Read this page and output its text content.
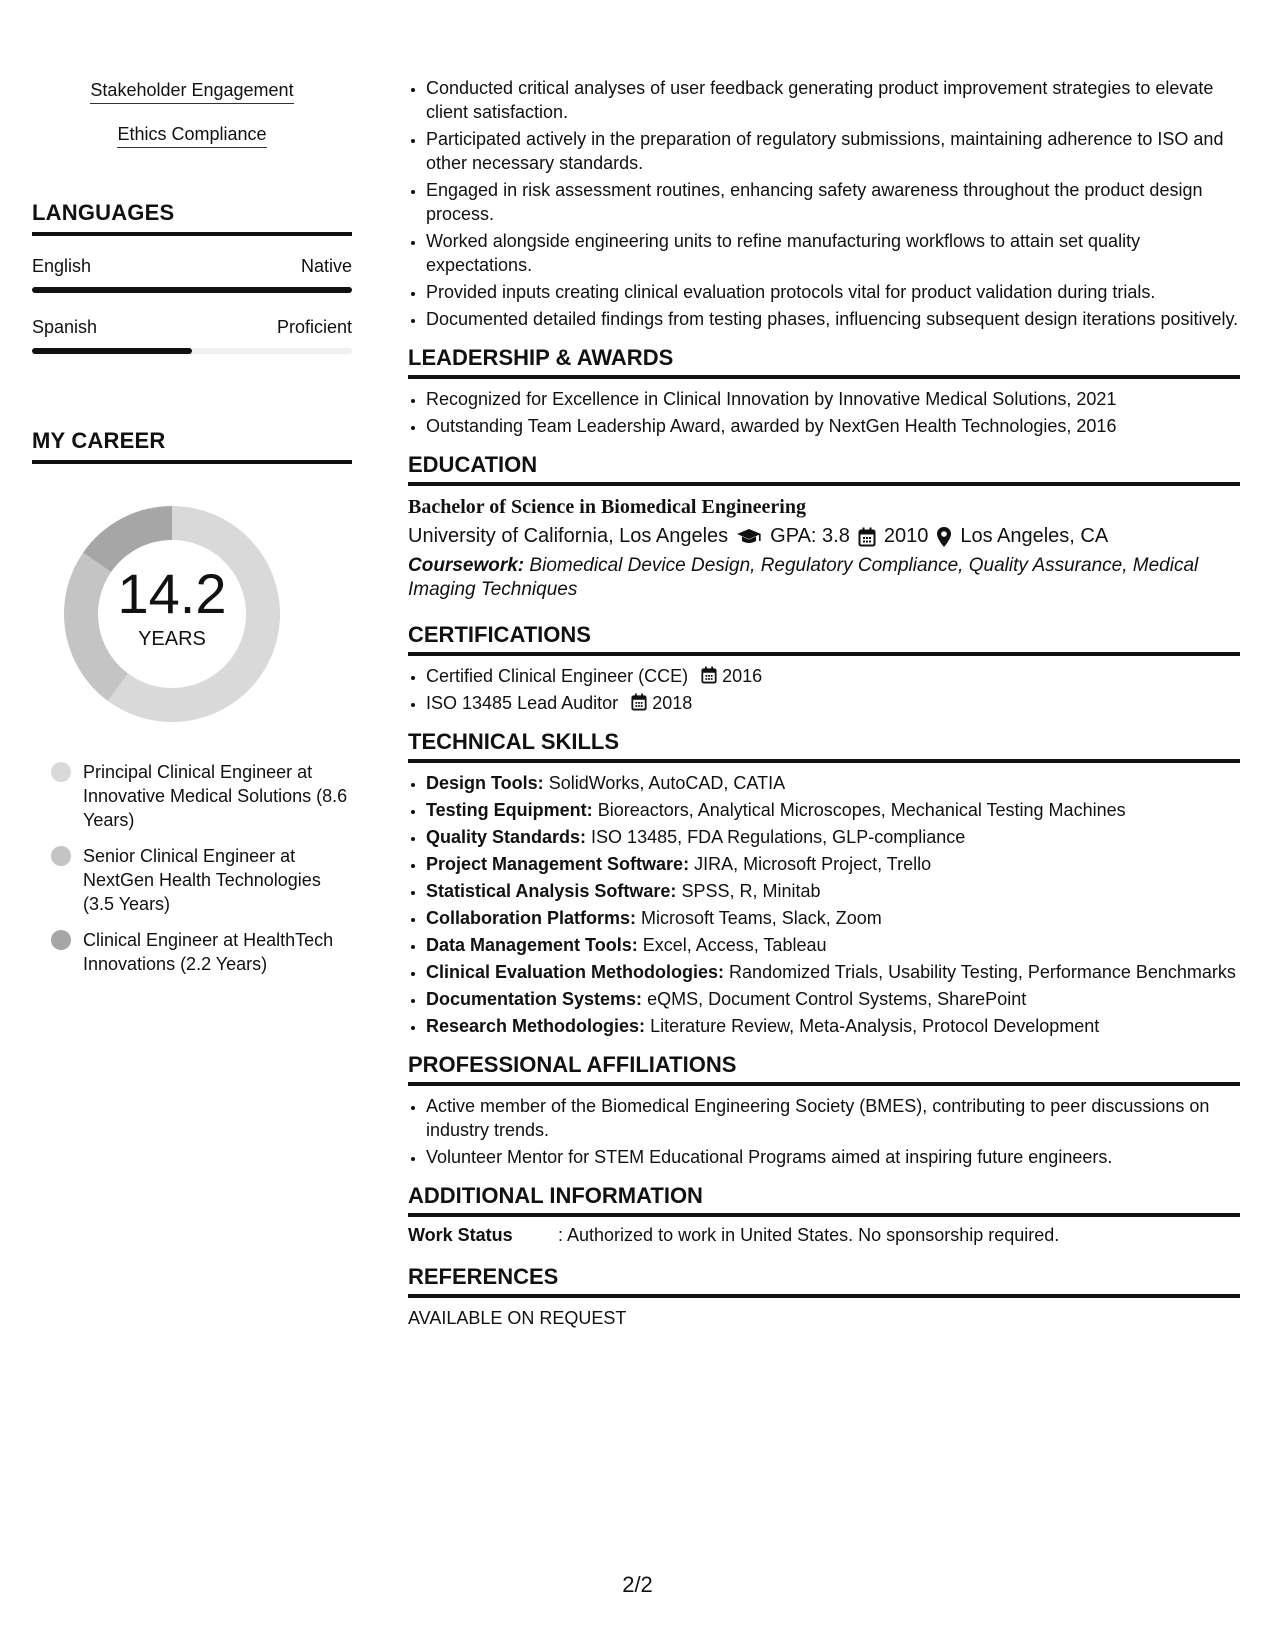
Stakeholder Engagement
Ethics Compliance
LANGUAGES
English	Native
Spanish	Proficient
MY CAREER
14.2
YEARS
Principal Clinical Engineer at Innovative Medical Solutions (8.6 Years)
Senior Clinical Engineer at NextGen Health Technologies (3.5 Years)
Clinical Engineer at HealthTech Innovations (2.2 Years)
• Conducted critical analyses of user feedback generating product improvement strategies to elevate client satisfaction.
• Participated actively in the preparation of regulatory submissions, maintaining adherence to ISO and other necessary standards.
• Engaged in risk assessment routines, enhancing safety awareness throughout the product design process.
• Worked alongside engineering units to refine manufacturing workflows to attain set quality expectations.
• Provided inputs creating clinical evaluation protocols vital for product validation during trials.
• Documented detailed findings from testing phases, influencing subsequent design iterations positively.
LEADERSHIP & AWARDS
• Recognized for Excellence in Clinical Innovation by Innovative Medical Solutions, 2021
• Outstanding Team Leadership Award, awarded by NextGen Health Technologies, 2016
EDUCATION
Bachelor of Science in Biomedical Engineering
University of California, Los Angeles GPA: 3.8 2010 Los Angeles, CA
Coursework: Biomedical Device Design, Regulatory Compliance, Quality Assurance, Medical Imaging Techniques
CERTIFICATIONS
• Certified Clinical Engineer (CCE) 2016
• ISO 13485 Lead Auditor 2018
TECHNICAL SKILLS
• Design Tools: SolidWorks, AutoCAD, CATIA
• Testing Equipment: Bioreactors, Analytical Microscopes, Mechanical Testing Machines
• Quality Standards: ISO 13485, FDA Regulations, GLP-compliance
• Project Management Software: JIRA, Microsoft Project, Trello
• Statistical Analysis Software: SPSS, R, Minitab
• Collaboration Platforms: Microsoft Teams, Slack, Zoom
• Data Management Tools: Excel, Access, Tableau
• Clinical Evaluation Methodologies: Randomized Trials, Usability Testing, Performance Benchmarks
• Documentation Systems: eQMS, Document Control Systems, SharePoint
• Research Methodologies: Literature Review, Meta-Analysis, Protocol Development
PROFESSIONAL AFFILIATIONS
• Active member of the Biomedical Engineering Society (BMES), contributing to peer discussions on industry trends.
• Volunteer Mentor for STEM Educational Programs aimed at inspiring future engineers.
ADDITIONAL INFORMATION
Work Status	: Authorized to work in United States. No sponsorship required.
REFERENCES
AVAILABLE ON REQUEST
2/2
